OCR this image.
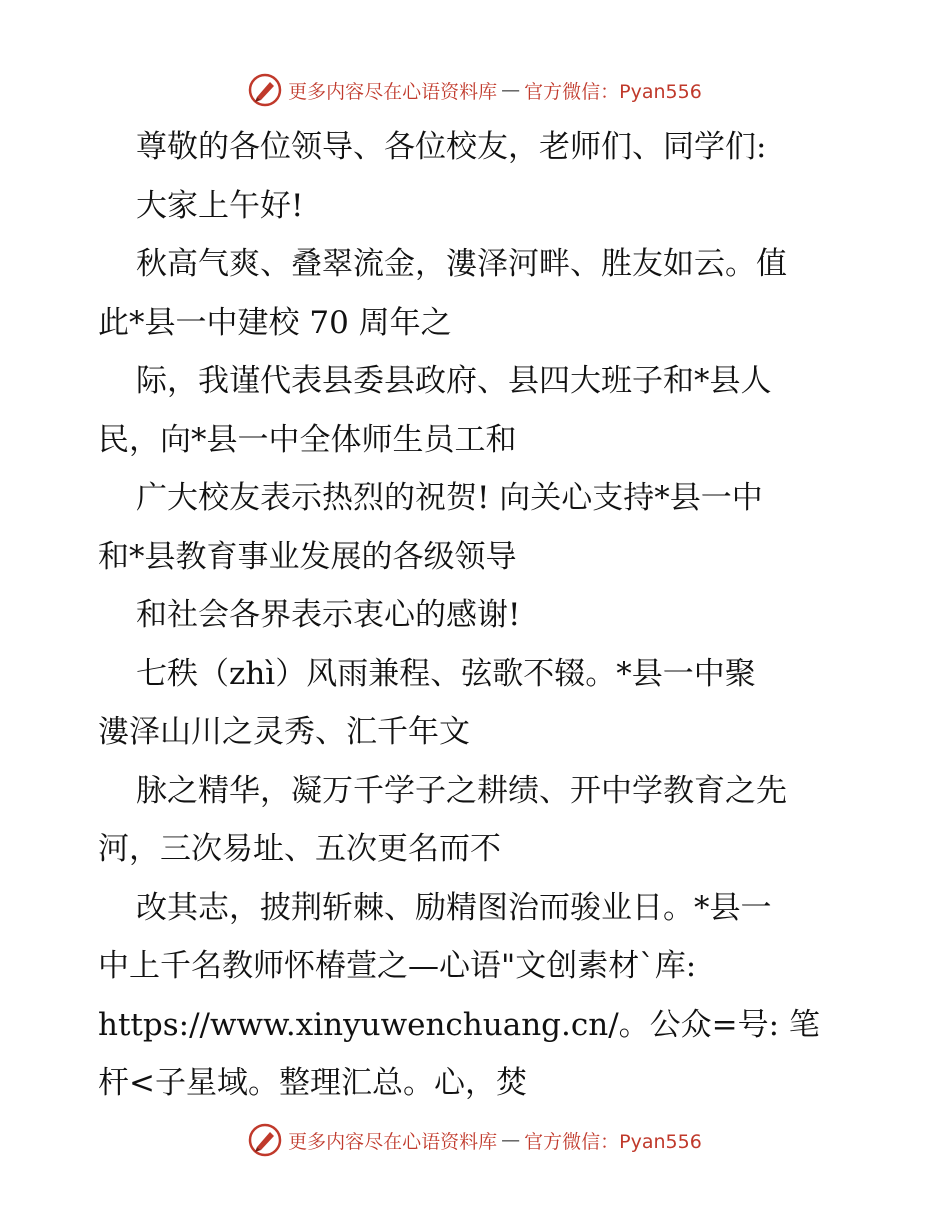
更多内容尽在心语资料库 — 官方微信：Pyan556
尊敬的各位领导、各位校友，老师们、同学们:
大家上午好!
秋高气爽、叠翠流金，漊泽河畔、胜友如云。值
此*县一中建校 70 周年之
际，我谨代表县委县政府、县四大班子和*县人
民，向*县一中全体师生员工和
广大校友表示热烈的祝贺! 向关心支持*县一中
和*县教育事业发展的各级领导
和社会各界表示衷心的感谢!
七秩（zhì）风雨兼程、弦歌不辍。*县一中聚
漊泽山川之灵秀、汇千年文
脉之精华，凝万千学子之耕绩、开中学教育之先
河，三次易址、五次更名而不
改其志，披荆斩棘、励精图治而骏业日。*县一
中上千名教师怀椿萱之—心语"文创素材`库:
https://www.xinyuwenchuang.cn/。公众=号: 笔
杆<子星域。整理汇总。心，焚
更多内容尽在心语资料库 — 官方微信：Pyan556
